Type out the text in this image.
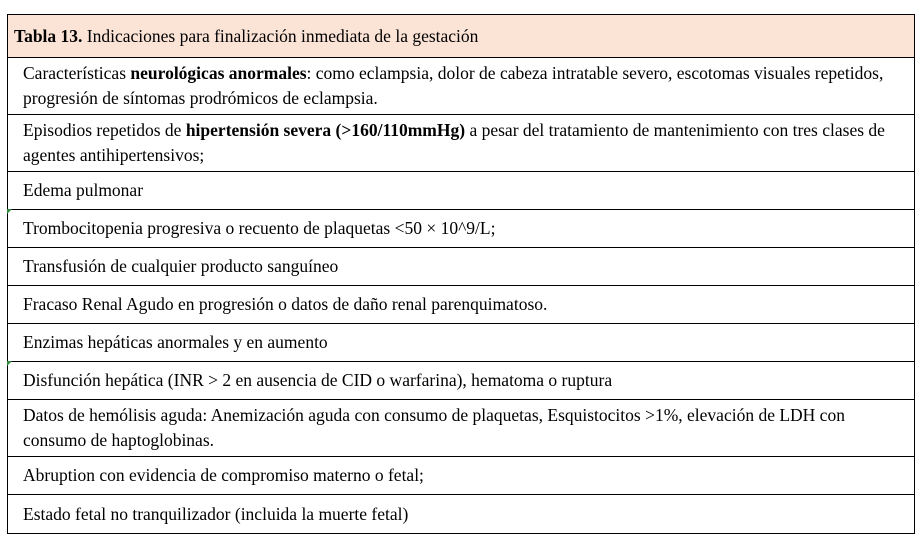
Tabla 13. Indicaciones para finalización inmediata de la gestación
Características neurológicas anormales: como eclampsia, dolor de cabeza intratable severo, escotomas visuales repetidos, progresión de síntomas prodrómicos de eclampsia.
Episodios repetidos de hipertensión severa (>160/110mmHg) a pesar del tratamiento de mantenimiento con tres clases de agentes antihipertensivos;
Edema pulmonar
Trombocitopenia progresiva o recuento de plaquetas <50 × 10^9/L;
Transfusión de cualquier producto sanguíneo
Fracaso Renal Agudo en progresión o datos de daño renal parenquimatoso.
Enzimas hepáticas anormales y en aumento
Disfunción hepática (INR > 2 en ausencia de CID o warfarina), hematoma o ruptura
Datos de hemólisis aguda: Anemización aguda con consumo de plaquetas, Esquistocitos >1%, elevación de LDH con consumo de haptoglobinas.
Abruption con evidencia de compromiso materno o fetal;
Estado fetal no tranquilizador (incluida la muerte fetal)
